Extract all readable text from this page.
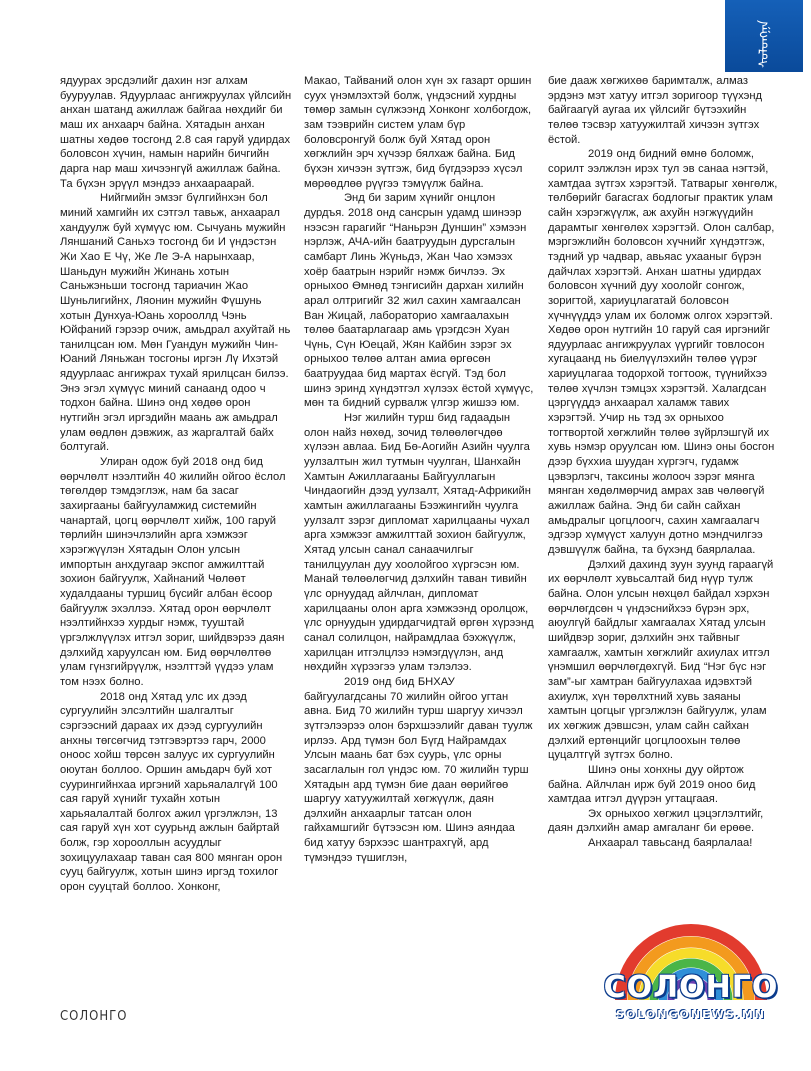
ᠰᠣᠯᠣᠩᠭ᠋ᠠ

ядуурах эрсдэлийг дахин нэг алхам бууруулав. Ядуурлаас ангижруулах үйлсийн анхан шатанд ажиллаж байгаа нөхдийг би маш их анхаарч байна. Хятадын анхан шатны хөдөө тосгонд 2.8 сая гаруй удирдах боловсон хүчин, намын нарийн бичгийн дарга нар маш хичээнгүй ажиллаж байна. Та бүхэн эрүүл мэндээ анхаараарай.

Нийгмийн эмзэг бүлгийнхэн бол миний хамгийн их сэтгэл тавьж, анхаарал хандуулж буй хүмүүс юм. Сычуань мужийн Ляншаний Саньхэ тосгонд би И үндэстэн Жи Хао Е Чү, Же Ле Э-А нарынхаар, Шаньдун мужийн Жинань хотын Саньжэньши тосгонд тариачин Жао Шуньлигийнх, Ляонин мужийн Фүшунь хотын Дунхуа-Юань хорооллд Чэнь Юйфаний гэрээр очиж, амьдрал ахуйтай нь танилцсан юм. Мөн Гуандун мужийн Чин-Юаний Ляньжан тосгоны иргэн Лү Ихэтэй ядуурлаас ангижрах тухай ярилцсан билээ. Энэ эгэл хүмүүс миний санаанд одоо ч тодхон байна. Шинэ онд хөдөө орон нутгийн эгэл иргэдийн маань аж амьдрал улам өөдлөн дэвжиж, аз жаргалтай байх болтугай.

Улиран одож буй 2018 онд бид өөрчлөлт нээлтийн 40 жилийн ойгоо ёслол төгөлдөр тэмдэглэж, нам ба засаг захиргааны байгууламжид системийн чанартай, цогц өөрчлөлт хийж, 100 гаруй төрлийн шинэчлэлийн арга хэмжээг хэрэгжүүлэн Хятадын Олон улсын импортын анхдугаар экспог амжилттай зохион байгуулж, Хайнаний Чөлөөт худалдааны туршиц бүсийг албан ёсоор байгуулж эхэллээ. Хятад орон өөрчлөлт нээлтийнхээ хурдыг нэмж, тууштай үргэлжлүүлэх итгэл зориг, шийдвэрээ даян дэлхийд харуулсан юм. Бид өөрчлөлтөө улам гүнзгийрүүлж, нээлттэй үүдээ улам том нээх болно.

2018 онд Хятад улс их дээд сургуулийн элсэлтийн шалгалтыг сэргээсний дараах их дээд сургуулийн анхны төгсөгчид тэтгэвэртээ гарч, 2000 оноос хойш төрсөн залуус их сургуулийн оюутан боллоо. Оршин амьдарч буй хот суурингийнхаа иргэний харьяалалгүй 100 сая гаруй хүнийг тухайн хотын харьяалалтай болгох ажил үргэлжлэн, 13 сая гаруй хүн хот суурьнд ажлын байртай болж, гэр хорооллын асуудлыг зохицуулахаар таван сая 800 мянган орон сууц байгуулж, хотын шинэ иргэд тохилог орон сууцтай боллоо. Хонконг,

Макао, Тайваний олон хүн эх газарт оршин суух үнэмлэхтэй болж, үндэсний хурдны төмөр замын сүлжээнд Хонконг холбогдож, зам тээврийн систем улам бүр боловсронгуй болж буй Хятад орон хөгжлийн эрч хүчээр бялхаж байна. Бид бүхэн хичээн зүтгэж, бид бүгдээрээ хүсэл мөрөөдлөө рүүгээ тэмүүлж байна.

Энд би зарим хүнийг онцлон дурдъя. 2018 онд сансрын удамд шинээр нээсэн гарагийг “Наньрэн Дуншин” хэмээн нэрлэж, АЧА-ийн баатруудын дурсгалын самбарт Линь Жүньдэ, Жан Чао хэмээх хоёр баатрын нэрийг нэмж бичлээ. Эх орныхоо Өмнөд тэнгисийн дархан хилийн арал олтригийг 32 жил сахин хамгаалсан Ван Жицай, лабораторио хамгаалахын төлөө баатарлагаар амь үрэгдсэн Хуан Чүнь, Сүн Юецай, Жян Кайбин зэрэг эх орныхоо төлөө алтан амиа өргөсөн баатруудаа бид мартах ёсгүй. Тэд бол шинэ эринд хүндэтгэл хүлээх ёстой хүмүүс, мөн та бидний сурвалж үлгэр жишээ юм.

Нэг жилийн турш бид гадаадын олон найз нөхөд, зочид төлөөлөгчдөө хүлээн авлаа. Бид Бө-Аогийн Азийн чуулга уулзалтын жил тутмын чуулган, Шанхайн Хамтын Ажиллагааны Байгууллагын Чиндаогийн дээд уулзалт, Хятад-Африкийн хамтын ажиллагааны Бээжингийн чуулга уулзалт зэрэг дипломат харилцааны чухал арга хэмжээг амжилттай зохион байгуулж, Хятад улсын санал санаачилгыг танилцуулан дуу хоолойгоо хүргэсэн юм. Манай төлөөлөгчид дэлхийн таван тивийн үлс орнуудад айлчлан, дипломат харилцааны олон арга хэмжээнд оролцож, үлс орнуудын удирдагчидтай өргөн хүрээнд санал солилцон, найрамдлаа бэхжүүлж, харилцан итгэлцлээ нэмэгдүүлэн, анд нөхдийн хүрээгээ улам тэлэлээ.

2019 онд бид БНХАУ байгуулагдсаны 70 жилийн ойгоо угтан авна. Бид 70 жилийн турш шаргуу хичээл зүтгэлээрээ олон бэрхшээлийг даван туулж ирлээ. Ард түмэн бол Бүгд Найрамдах Улсын маань бат бэх суурь, үлс орны засаглалын гол үндэс юм. 70 жилийн турш Хятадын ард түмэн бие даан өөрийгөө шаргуу хатуужилтай хөгжүүлж, даян дэлхийн анхаарлыг татсан олон гайхамшгийг бүтээсэн юм. Шинэ аяндаа бид хатуу бэрхээс шантрахгүй, ард түмэндээ түшиглэн,

бие даaж хөгжихөө баримталж, алмаз эрдэнэ мэт хатуу итгэл зоригоор түүхэнд байгаагүй аугаа их үйлсийг бүтээхийн төлөө тэсвэр хатуужилтай хичээн зүтгэх ёстой.

2019 онд бидний өмнө боломж, сорилт ээлжлэн ирэх тул эв санаа нэгтэй, хамтдаа зүтгэх хэрэгтэй. Татварыг хөнгөлж, төлбөрийг багасгах бодлогыг практик улам сайн хэрэгжүүлж, аж ахуйн нэгжүүдийн дарамтыг хөнгөлөх хэрэгтэй. Олон салбар, мэргэжлийн боловсон хүчнийг хүндэтгэж, тэдний ур чадвар, авьяас ухааныг бүрэн дайчлах хэрэгтэй. Анхан шатны удирдах боловсон хүчний дуу хоолойг сонгож, зоригтой, хариуцлагатай боловсон хүчнүүддэ улам их боломж олгох хэрэгтэй. Хөдөө орон нутгийн 10 гаруй сая иргэнийг ядуурлаас ангижруулах үүргийг товлосон хугацаанд нь биелүүлэхийн төлөө үүрэг хариуцлагаа тодорхой тогтоож, түүнийхээ төлөө хүчлэн тэмцэх хэрэгтэй. Халагдсан цэргүүддэ анхаарал халамж тавих хэрэгтэй. Учир нь тэд эх орныхоо тогтвортой хөгжлийн төлөө зүйрлэшгүй их хувь нэмэр оруулсан юм. Шинэ оны босгон дээр бүххиа шуудан хүргэгч, гудамж цэвэрлэгч, таксины жолооч зэрэг мянга мянган хөдөлмөрчид амрах зав чөлөөгүй ажиллаж байна. Энд би сайн сайхан амьдралыг цогцлоогч, сахин хамгаалагч эдгээр хүмүүст халуун дотно мэндчилгээ дэвшүүлж байна, та бүхэнд баярлалаа.

Дэлхий дахинд зуун зуунд гараагүй их өөрчлөлт хувьсалтай бид нүүр тулж байна. Олон улсын нөхцөл байдал хэрхэн өөрчлөгдсөн ч үндэснийхээ бүрэн эрх, аюулгүй байдлыг хамгаалах Хятад улсын шийдвэр зориг, дэлхийн энх тайвныг хамгаалж, хамтын хөгжлийг ахиулах итгэл үнэмшил өөрчлөгдөхгүй. Бид “Нэг бүс нэг зам”-ыг хамтран байгуулахаа идэвхтэй ахиулж, хүн төрөлхтний хувь заяаны хамтын цогцыг үргэлжлэн байгуулж, улам их хөгжиж дэвшсэн, улам сайн сайхан дэлхий ертөнцийг цогцлоохын төлөө цуцалтгүй зүтгэх болно.

Шинэ оны хонхны дуу ойртож байна. Айлчлан ирж буй 2019 оноо бид хамтдаа итгэл дүүрэн угтацгаая.

Эх орныхоо хөгжил цэцэглэлтийг, даян дэлхийн амар амгаланг би ерөөе.

Анхаарал тавьсанд баярлалаа!

СОЛОНГО
СОЛОНГО
SOLONGONEWS.MN
